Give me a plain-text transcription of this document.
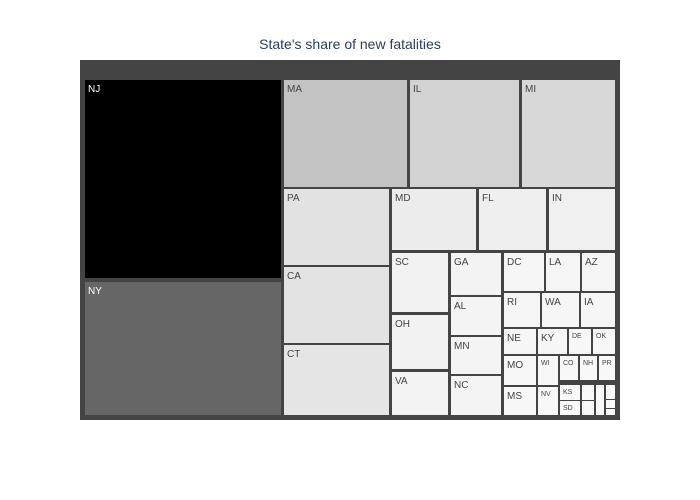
State's share of new fatalities
NJ
NY
MA	IL	MI
PA
CA
CT
MD	FL	IN
SC
OH
VA
GA
AL
MN
NC
DC	LA AZ
RI	WA IA
NE KY	DE OK
MO	WI CO NH PR
MS	NV KS
SD
